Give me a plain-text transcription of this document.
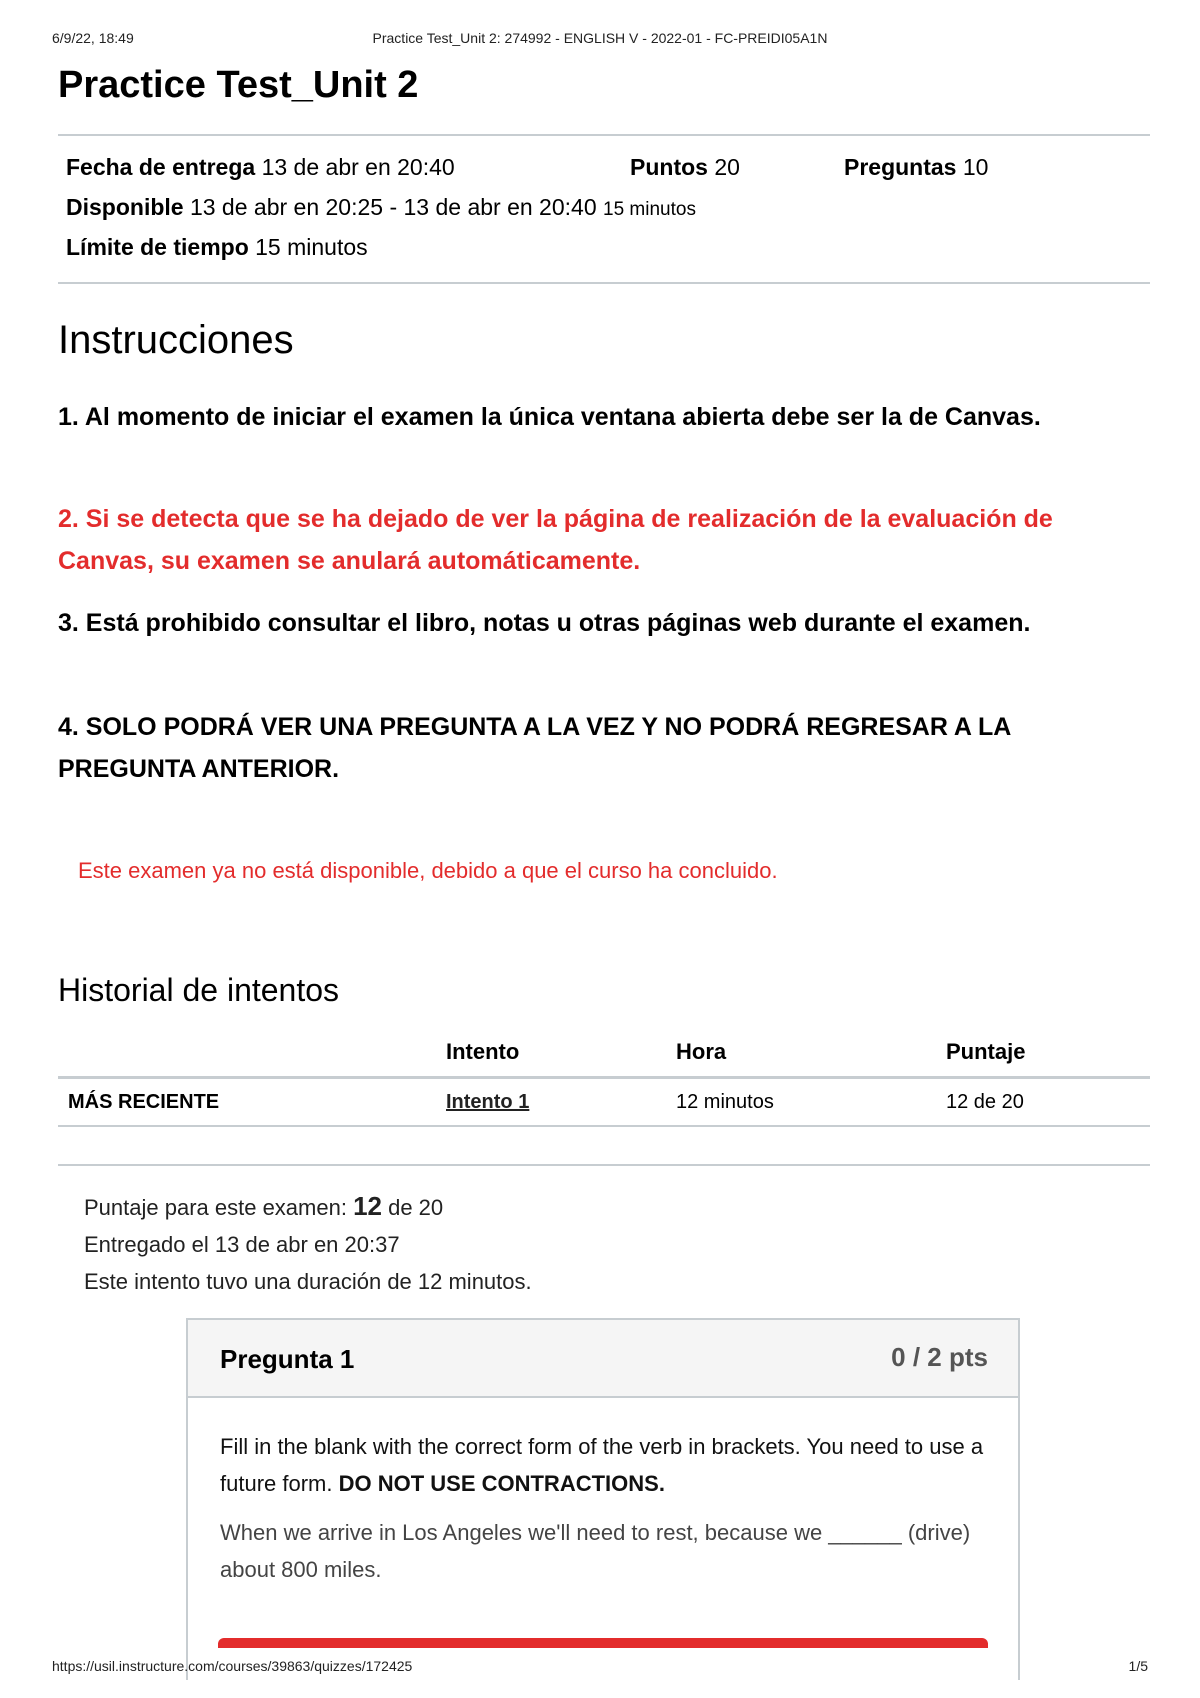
6/9/22, 18:49	Practice Test_Unit 2: 274992 - ENGLISH V - 2022-01 - FC-PREIDI05A1N
Practice Test_Unit 2
Fecha de entrega 13 de abr en 20:40	Puntos 20	Preguntas 10
Disponible 13 de abr en 20:25 - 13 de abr en 20:40 15 minutos
Límite de tiempo 15 minutos
Instrucciones

1. Al momento de iniciar el examen la única ventana abierta debe ser la de Canvas.

2. Si se detecta que se ha dejado de ver la página de realización de la evaluación de Canvas, su examen se anulará automáticamente.

3. Está prohibido consultar el libro, notas u otras páginas web durante el examen.

4. SOLO PODRÁ VER UNA PREGUNTA A LA VEZ Y NO PODRÁ REGRESAR A LA PREGUNTA ANTERIOR.

Este examen ya no está disponible, debido a que el curso ha concluido.
Historial de intentos
	Intento	Hora	Puntaje
MÁS RECIENTE	Intento 1	12 minutos	12 de 20
Puntaje para este examen: 12 de 20
Entregado el 13 de abr en 20:37
Este intento tuvo una duración de 12 minutos.
Pregunta 1	0 / 2 pts

Fill in the blank with the correct form of the verb in brackets. You need to use a future form. DO NOT USE CONTRACTIONS.

When we arrive in Los Angeles we'll need to rest, because we ______ (drive) about 800 miles.

https://usil.instructure.com/courses/39863/quizzes/172425	1/5
